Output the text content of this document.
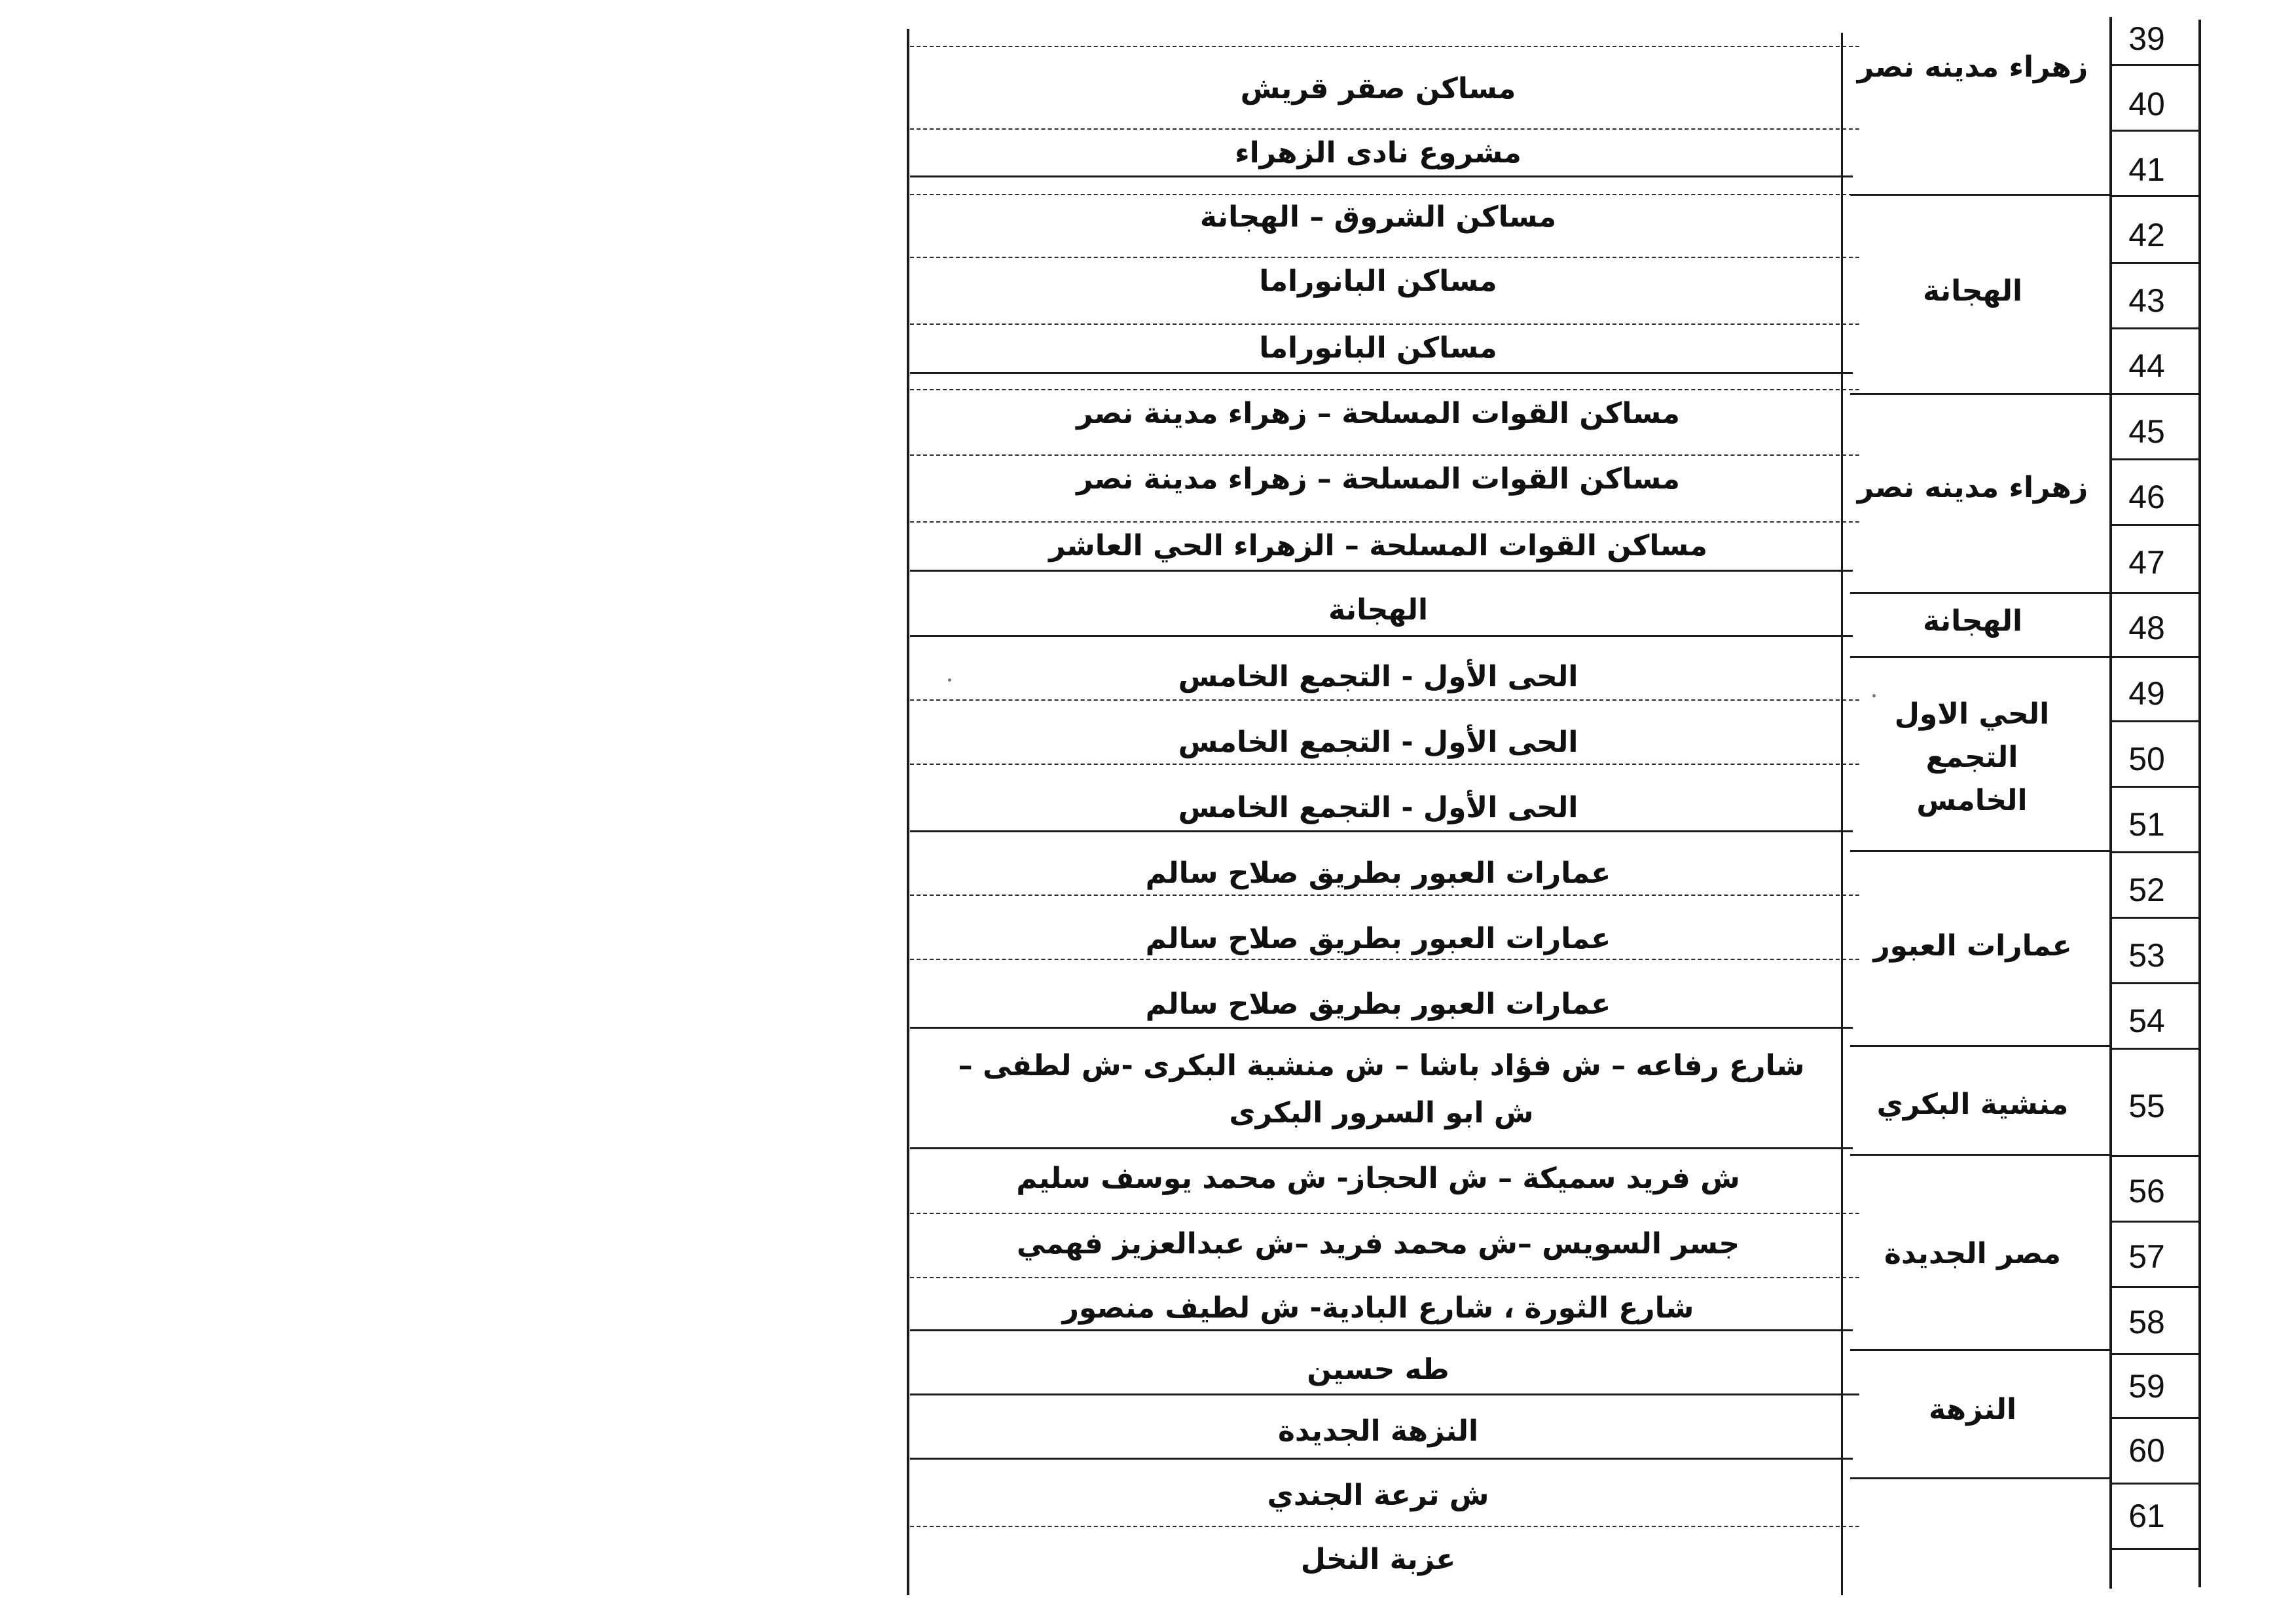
39
40
41
42
43
44
45
46
47
48
49
50
51
52
53
54
55
56
57
58
59
60
61
زهراء مدينه نصر
الهجانة
زهراء مدينه نصر
الهجانة
الحي الاول التجمع الخامس
عمارات العبور
منشية البكري
مصر الجديدة
النزهة
مساكن صقر قريش
مشروع نادى الزهراء
مساكن الشروق – الهجانة
مساكن البانوراما
مساكن البانوراما
مساكن القوات المسلحة – زهراء مدينة نصر
مساكن القوات المسلحة – زهراء مدينة نصر
مساكن القوات المسلحة – الزهراء الحي العاشر
الهجانة
الحى الأول - التجمع الخامس
الحى الأول - التجمع الخامس
الحى الأول - التجمع الخامس
عمارات العبور بطريق صلاح سالم
عمارات العبور بطريق صلاح سالم
عمارات العبور بطريق صلاح سالم
شارع رفاعه – ش فؤاد باشا – ش منشية البكرى -ش لطفى – ش ابو السرور البكرى
ش فريد سميكة – ش الحجاز- ش محمد يوسف سليم
جسر السويس –ش محمد فريد –ش عبدالعزيز فهمي
شارع الثورة ، شارع البادية- ش لطيف منصور
طه حسين
النزهة الجديدة
ش ترعة الجندي
عزبة النخل
